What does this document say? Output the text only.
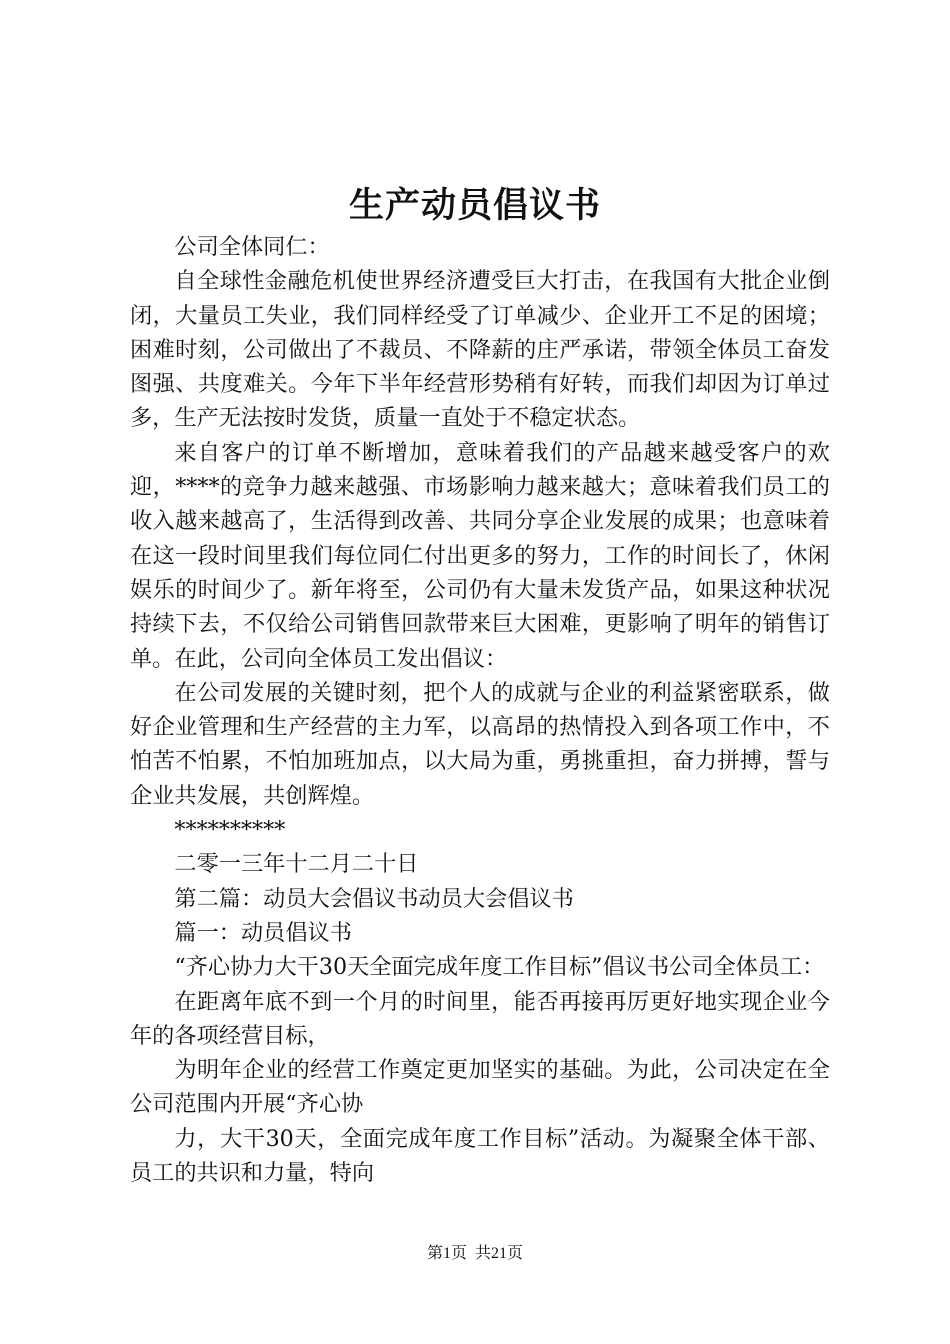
生产动员倡议书

公司全体同仁：

自全球性金融危机使世界经济遭受巨大打击，在我国有大批企业倒闭，大量员工失业，我们同样经受了订单减少、企业开工不足的困境；困难时刻，公司做出了不裁员、不降薪的庄严承诺，带领全体员工奋发图强、共度难关。今年下半年经营形势稍有好转，而我们却因为订单过多，生产无法按时发货，质量一直处于不稳定状态。

来自客户的订单不断增加，意味着我们的产品越来越受客户的欢迎，****的竞争力越来越强、市场影响力越来越大；意味着我们员工的收入越来越高了，生活得到改善、共同分享企业发展的成果；也意味着在这一段时间里我们每位同仁付出更多的努力，工作的时间长了，休闲娱乐的时间少了。新年将至，公司仍有大量未发货产品，如果这种状况持续下去，不仅给公司销售回款带来巨大困难，更影响了明年的销售订单。在此，公司向全体员工发出倡议：

在公司发展的关键时刻，把个人的成就与企业的利益紧密联系，做好企业管理和生产经营的主力军，以高昂的热情投入到各项工作中，不怕苦不怕累，不怕加班加点，以大局为重，勇挑重担，奋力拼搏，誓与企业共发展，共创辉煌。

**********

二零一三年十二月二十日

第二篇：动员大会倡议书动员大会倡议书

篇一：动员倡议书

“齐心协力大干30天全面完成年度工作目标”倡议书公司全体员工：

在距离年底不到一个月的时间里，能否再接再厉更好地实现企业今年的各项经营目标，

为明年企业的经营工作奠定更加坚实的基础。为此，公司决定在全公司范围内开展“齐心协

力，大干30天，全面完成年度工作目标”活动。为凝聚全体干部、员工的共识和力量，特向

第1页 共21页
